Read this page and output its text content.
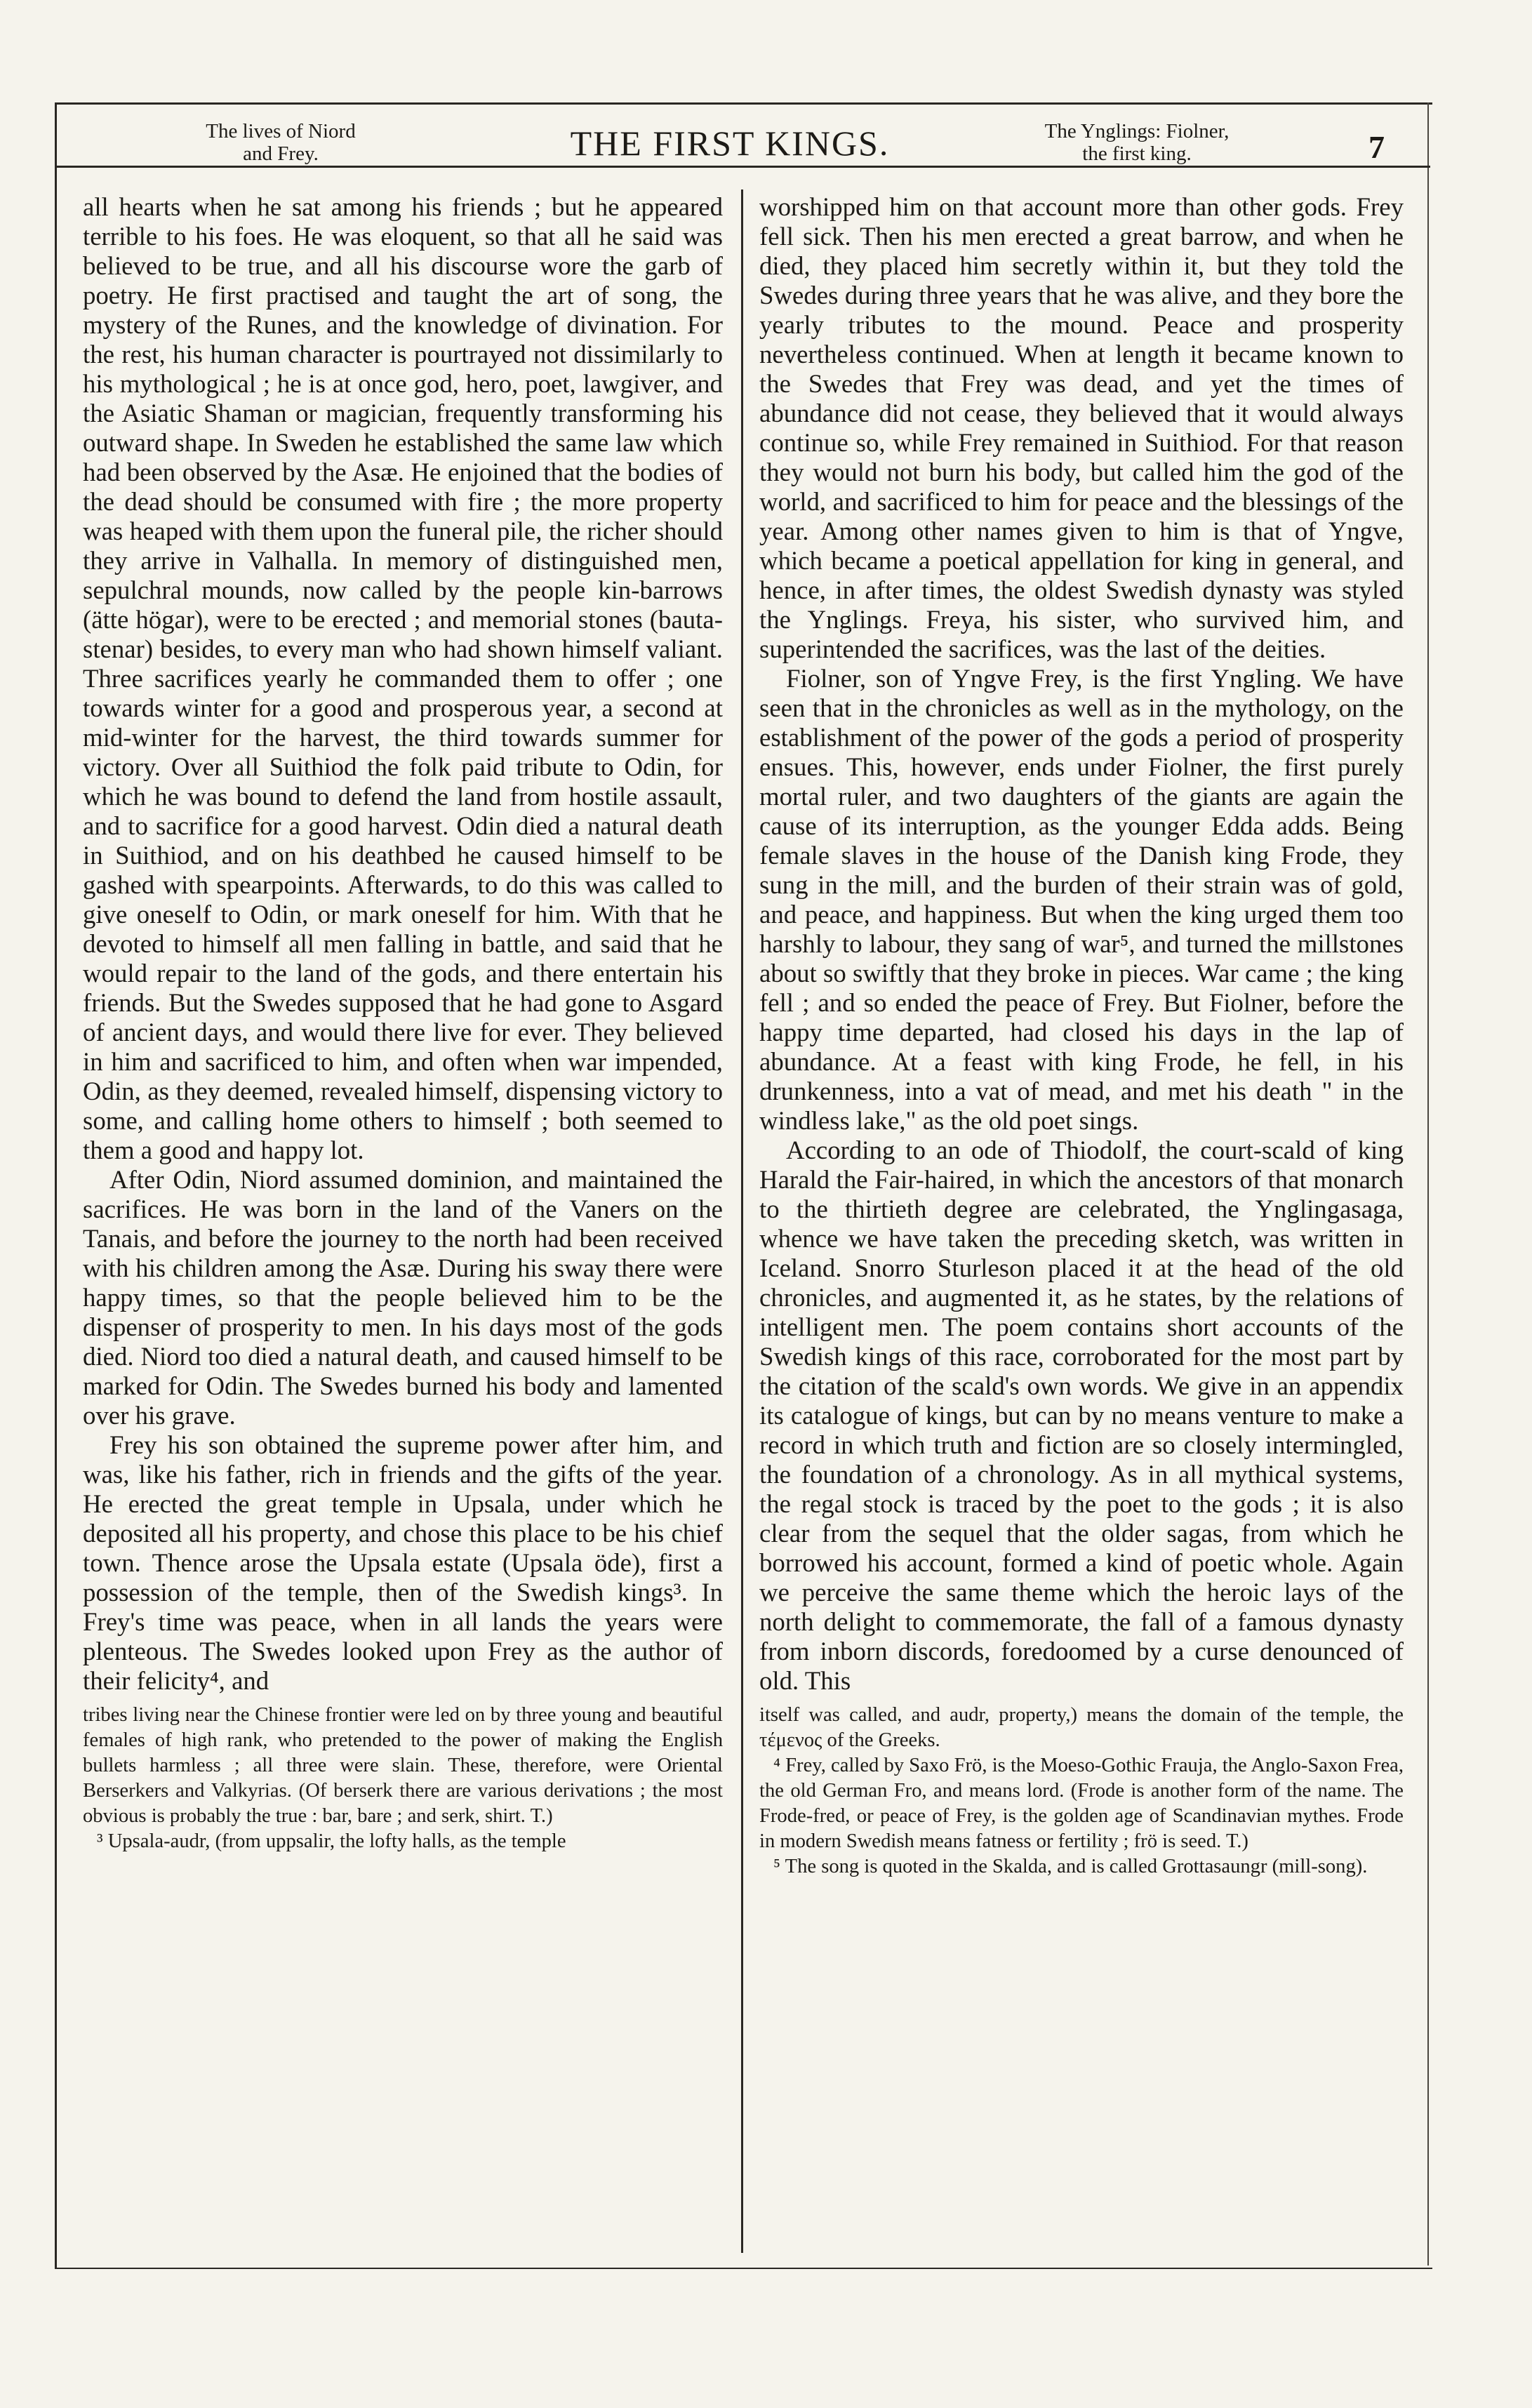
The lives of Niord
and Frey.	THE FIRST KINGS.	The Ynglings: Fiolner,
the first king.	7

all hearts when he sat among his friends ; but he appeared terrible to his foes. He was eloquent, so that all he said was believed to be true, and all his discourse wore the garb of poetry. He first practised and taught the art of song, the mystery of the Runes, and the knowledge of divination. For the rest, his human character is pourtrayed not dissimilarly to his mythological ; he is at once god, hero, poet, lawgiver, and the Asiatic Shaman or magician, frequently transforming his outward shape. In Sweden he established the same law which had been observed by the Asæ. He enjoined that the bodies of the dead should be consumed with fire ; the more property was heaped with them upon the funeral pile, the richer should they arrive in Valhalla. In memory of distinguished men, sepulchral mounds, now called by the people kin-barrows (ätte högar), were to be erected ; and memorial stones (bauta-stenar) besides, to every man who had shown himself valiant. Three sacrifices yearly he commanded them to offer ; one towards winter for a good and prosperous year, a second at mid-winter for the harvest, the third towards summer for victory. Over all Suithiod the folk paid tribute to Odin, for which he was bound to defend the land from hostile assault, and to sacrifice for a good harvest. Odin died a natural death in Suithiod, and on his deathbed he caused himself to be gashed with spearpoints. Afterwards, to do this was called to give oneself to Odin, or mark oneself for him. With that he devoted to himself all men falling in battle, and said that he would repair to the land of the gods, and there entertain his friends. But the Swedes supposed that he had gone to Asgard of ancient days, and would there live for ever. They believed in him and sacrificed to him, and often when war impended, Odin, as they deemed, revealed himself, dispensing victory to some, and calling home others to himself ; both seemed to them a good and happy lot.

After Odin, Niord assumed dominion, and maintained the sacrifices. He was born in the land of the Vaners on the Tanais, and before the journey to the north had been received with his children among the Asæ. During his sway there were happy times, so that the people believed him to be the dispenser of prosperity to men. In his days most of the gods died. Niord too died a natural death, and caused himself to be marked for Odin. The Swedes burned his body and lamented over his grave.

Frey his son obtained the supreme power after him, and was, like his father, rich in friends and the gifts of the year. He erected the great temple in Upsala, under which he deposited all his property, and chose this place to be his chief town. Thence arose the Upsala estate (Upsala öde), first a possession of the temple, then of the Swedish kings³. In Frey's time was peace, when in all lands the years were plenteous. The Swedes looked upon Frey as the author of their felicity⁴, and

tribes living near the Chinese frontier were led on by three young and beautiful females of high rank, who pretended to the power of making the English bullets harmless ; all three were slain. These, therefore, were Oriental Berserkers and Valkyrias. (Of berserk there are various derivations ; the most obvious is probably the true : bar, bare ; and serk, shirt. T.)

³ Upsala-audr, (from uppsalir, the lofty halls, as the temple

worshipped him on that account more than other gods. Frey fell sick. Then his men erected a great barrow, and when he died, they placed him secretly within it, but they told the Swedes during three years that he was alive, and they bore the yearly tributes to the mound. Peace and prosperity nevertheless continued. When at length it became known to the Swedes that Frey was dead, and yet the times of abundance did not cease, they believed that it would always continue so, while Frey remained in Suithiod. For that reason they would not burn his body, but called him the god of the world, and sacrificed to him for peace and the blessings of the year. Among other names given to him is that of Yngve, which became a poetical appellation for king in general, and hence, in after times, the oldest Swedish dynasty was styled the Ynglings. Freya, his sister, who survived him, and superintended the sacrifices, was the last of the deities.

Fiolner, son of Yngve Frey, is the first Yngling. We have seen that in the chronicles as well as in the mythology, on the establishment of the power of the gods a period of prosperity ensues. This, however, ends under Fiolner, the first purely mortal ruler, and two daughters of the giants are again the cause of its interruption, as the younger Edda adds. Being female slaves in the house of the Danish king Frode, they sung in the mill, and the burden of their strain was of gold, and peace, and happiness. But when the king urged them too harshly to labour, they sang of war⁵, and turned the millstones about so swiftly that they broke in pieces. War came ; the king fell ; and so ended the peace of Frey. But Fiolner, before the happy time departed, had closed his days in the lap of abundance. At a feast with king Frode, he fell, in his drunkenness, into a vat of mead, and met his death " in the windless lake," as the old poet sings.

According to an ode of Thiodolf, the court-scald of king Harald the Fair-haired, in which the ancestors of that monarch to the thirtieth degree are celebrated, the Ynglingasaga, whence we have taken the preceding sketch, was written in Iceland. Snorro Sturleson placed it at the head of the old chronicles, and augmented it, as he states, by the relations of intelligent men. The poem contains short accounts of the Swedish kings of this race, corroborated for the most part by the citation of the scald's own words. We give in an appendix its catalogue of kings, but can by no means venture to make a record in which truth and fiction are so closely intermingled, the foundation of a chronology. As in all mythical systems, the regal stock is traced by the poet to the gods ; it is also clear from the sequel that the older sagas, from which he borrowed his account, formed a kind of poetic whole. Again we perceive the same theme which the heroic lays of the north delight to commemorate, the fall of a famous dynasty from inborn discords, foredoomed by a curse denounced of old. This

itself was called, and audr, property,) means the domain of the temple, the τέμενος of the Greeks.

⁴ Frey, called by Saxo Frö, is the Moeso-Gothic Frauja, the Anglo-Saxon Frea, the old German Fro, and means lord. (Frode is another form of the name. The Frode-fred, or peace of Frey, is the golden age of Scandinavian mythes. Frode in modern Swedish means fatness or fertility ; frö is seed. T.)

⁵ The song is quoted in the Skalda, and is called Grottasaungr (mill-song).
